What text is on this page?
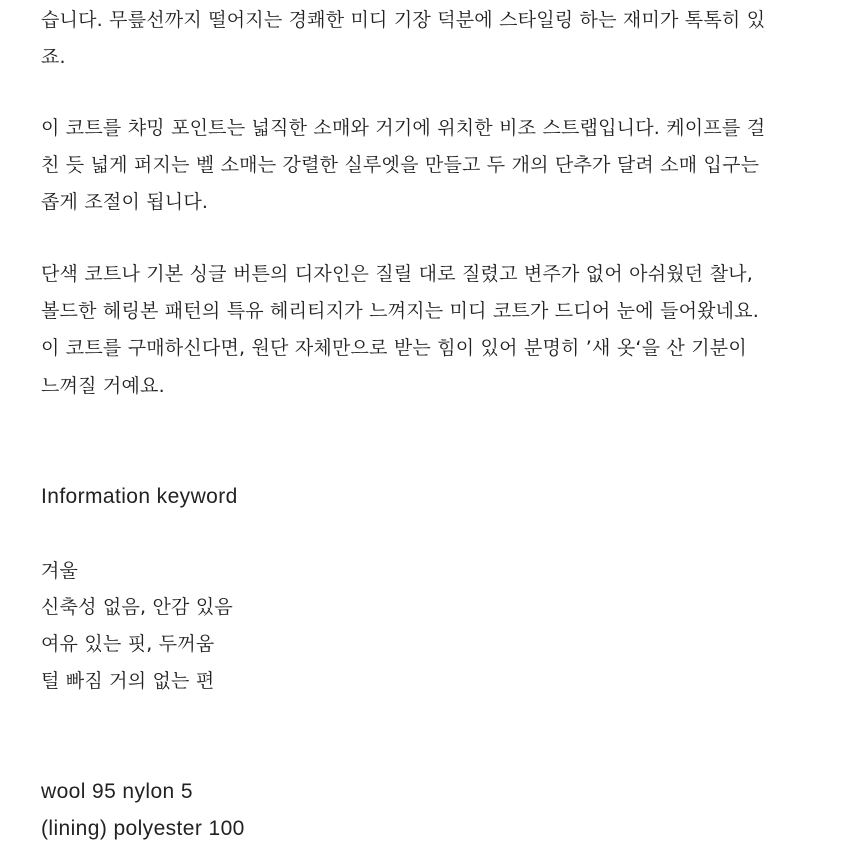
습니다. 무릎선까지 떨어지는 경쾌한 미디 기장 덕분에 스타일링 하는 재미가 톡톡히 있
죠.
이 코트를 챠밍 포인트는 넓직한 소매와 거기에 위치한 비조 스트랩입니다. 케이프를 걸
친 듯 넓게 퍼지는 벨 소매는 강렬한 실루엣을 만들고 두 개의 단추가 달려 소매 입구는
좁게 조절이 됩니다.
단색 코트나 기본 싱글 버튼의 디자인은 질릴 대로 질렸고 변주가 없어 아쉬웠던 찰나,
볼드한 헤링본 패턴의 특유 헤리티지가 느껴지는 미디 코트가 드디어 눈에 들어왔네요.
이 코트를 구매하신다면, 원단 자체만으로 받는 힘이 있어 분명히 ’새 옷‘을 산 기분이
느껴질 거예요.
Information keyword
겨울
신축성 없음, 안감 있음
여유 있는 핏, 두꺼움
털 빠짐 거의 없는 편
wool 95 nylon 5
(lining) polyester 100
